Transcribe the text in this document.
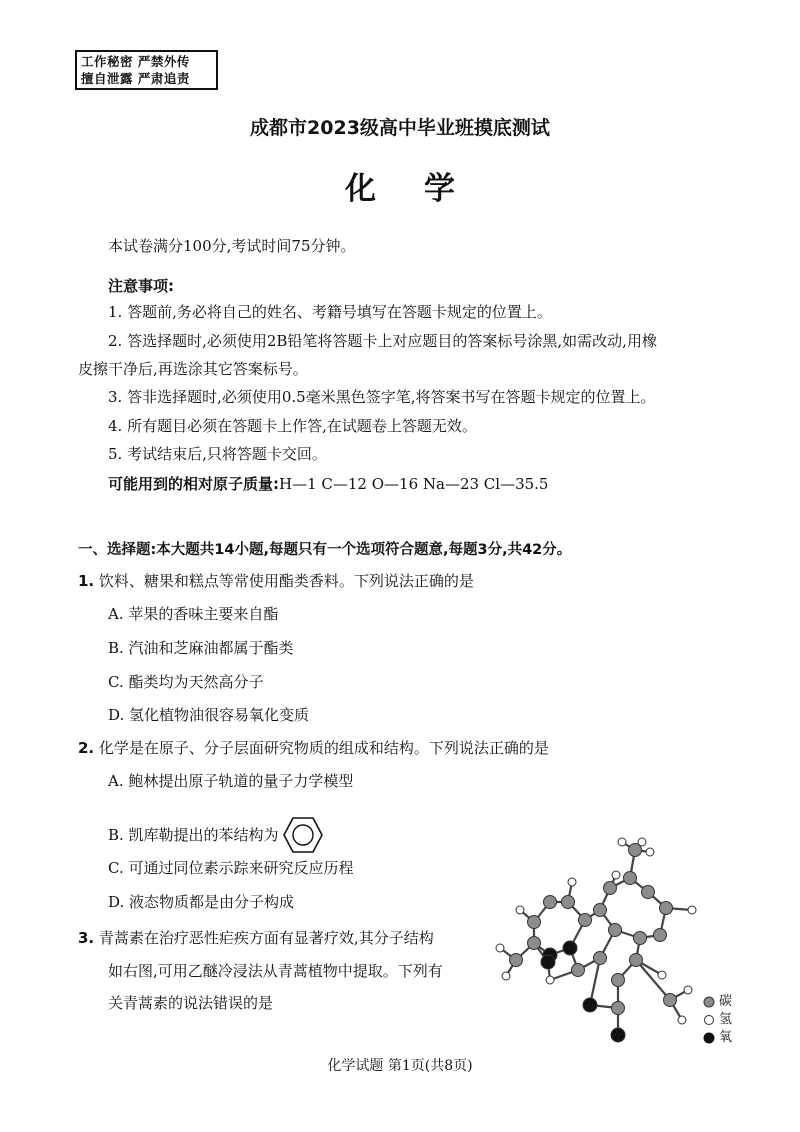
工作秘密 严禁外传
擅自泄露 严肃追责
成都市2023级高中毕业班摸底测试
化学
本试卷满分100分,考试时间75分钟。
注意事项:
1. 答题前,务必将自己的姓名、考籍号填写在答题卡规定的位置上。
2. 答选择题时,必须使用2B铅笔将答题卡上对应题目的答案标号涂黑,如需改动,用橡
皮擦干净后,再选涂其它答案标号。
3. 答非选择题时,必须使用0.5毫米黑色签字笔,将答案书写在答题卡规定的位置上。
4. 所有题目必须在答题卡上作答,在试题卷上答题无效。
5. 考试结束后,只将答题卡交回。
可能用到的相对原子质量:H—1 C—12 O—16 Na—23 Cl—35.5
一、选择题:本大题共14小题,每题只有一个选项符合题意,每题3分,共42分。
1. 饮料、糖果和糕点等常使用酯类香料。下列说法正确的是
A. 苹果的香味主要来自酯
B. 汽油和芝麻油都属于酯类
C. 酯类均为天然高分子
D. 氢化植物油很容易氧化变质
2. 化学是在原子、分子层面研究物质的组成和结构。下列说法正确的是
A. 鲍林提出原子轨道的量子力学模型
B. 凯库勒提出的苯结构为
C. 可通过同位素示踪来研究反应历程
D. 液态物质都是由分子构成
3. 青蒿素在治疗恶性疟疾方面有显著疗效,其分子结构
如右图,可用乙醚冷浸法从青蒿植物中提取。下列有
关青蒿素的说法错误的是	碳
氢
氧
化学试题 第1页(共8页)
